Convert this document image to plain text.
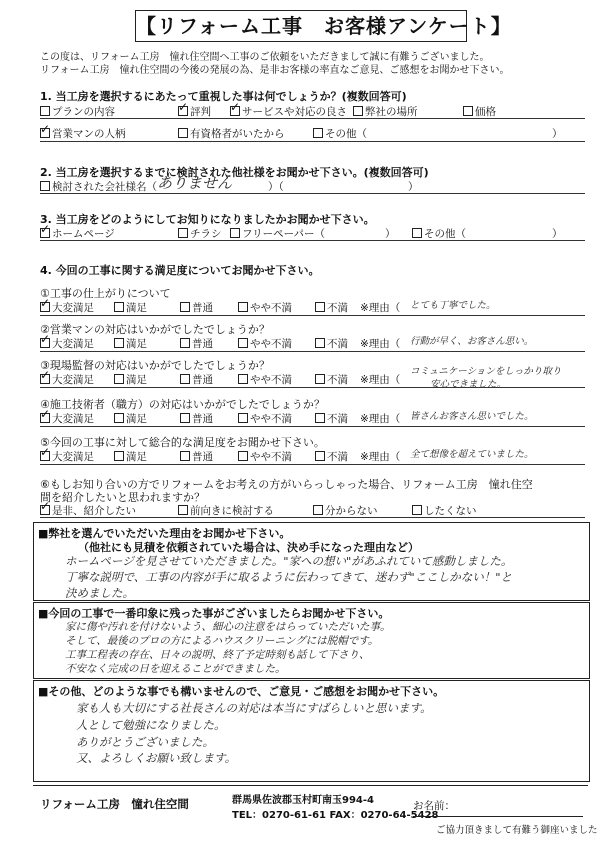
【リフォーム工事　お客様アンケート】
この度は、リフォーム工房　憧れ住空間へ工事のご依頼をいただきまして誠に有難うございました。
リフォーム工房　憧れ住空間の今後の発展の為、是非お客様の率直なご意見、ご感想をお聞かせ下さい。
1. 当工房を選択するにあたって重視した事は何でしょうか？(複数回答可)
プランの内容 ✓	評判 ✓	サービスや対応の良さ	弊社の場所	価格
✓営業マンの人柄	有資格者がいたから	その他（	）
2. 当工房を選択するまでに検討された他社様をお聞かせ下さい。(複数回答可)
検討された会社様名（ ありません	）（	）
3. 当工房をどのようにしてお知りになりましたかお聞かせ下さい。
✓ホームページ	チラシ	フリーペーパー（	）	その他（	）
4. 今回の工事に関する満足度についてお聞かせ下さい。
①工事の仕上がりについて
✓大変満足	満足	普通	やや不満	不満 ※理由（ とても丁寧でした。
②営業マンの対応はいかがでしたでしょうか？
✓大変満足	満足	普通	やや不満	不満 ※理由（ 行動が早く、お客さん思い。
③現場監督の対応はいかがでしたでしょうか？
✓大変満足	満足	普通	やや不満	不満 ※理由（
コミュニケーションをしっかり取り
安心できました。
④施工技術者（職方）の対応はいかがでしたでしょうか？
✓大変満足	満足	普通	やや不満	不満 ※理由（ 皆さんお客さん思いでした。
⑤今回の工事に対して総合的な満足度をお聞かせ下さい。
✓大変満足	満足	普通	やや不満	不満 ※理由（ 全て想像を超えていました。
⑥もしお知り合いの方でリフォームをお考えの方がいらっしゃった場合、リフォーム工房　憧れ住空
間を紹介したいと思われますか？
✓是非、紹介したい	前向きに検討する	分からない	したくない
■弊社を選んでいただいた理由をお聞かせ下さい。
（他社にも見積を依頼されていた場合は、決め手になった理由など）
ホームページを見させていただきました。"家への想い"があふれていて感動しました。
丁寧な説明で、工事の内容が手に取るように伝わってきて、迷わず"ここしかない！"と
決めました。
■今回の工事で一番印象に残った事がございましたらお聞かせ下さい。
家に傷や汚れを付けないよう、細心の注意をはらっていただいた事。
そして、最後のプロの方によるハウスクリーニングには脱帽です。
工事工程表の存在、日々の説明、終了予定時刻も話して下さり、
不安なく完成の日を迎えることができました。
■その他、どのような事でも構いませんので、ご意見・ご感想をお聞かせ下さい。
家も人も大切にする社長さんの対応は本当にすばらしいと思います。
人として勉強になりました。
ありがとうございました。
又、よろしくお願い致します。
リフォーム工房　憧れ住空間	群馬県佐波郡玉村町南玉994-4
TEL：0270-61-61 FAX：0270-64-5428
お名前：
ご協力頂きまして有難う御座いました
